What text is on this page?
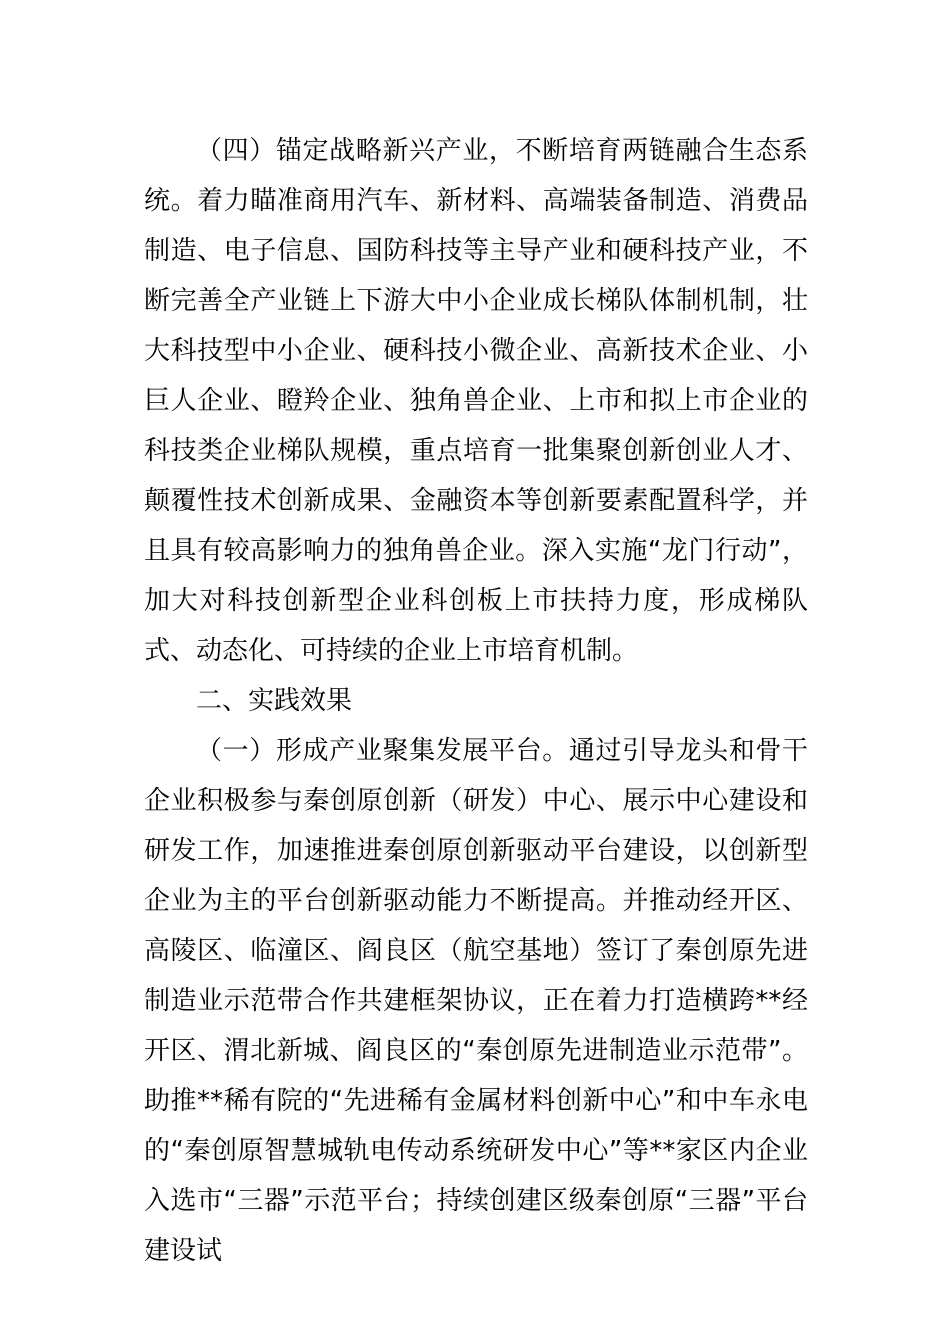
（四）锚定战略新兴产业，不断培育两链融合生态系统。着力瞄准商用汽车、新材料、高端装备制造、消费品制造、电子信息、国防科技等主导产业和硬科技产业，不断完善全产业链上下游大中小企业成长梯队体制机制，壮大科技型中小企业、硬科技小微企业、高新技术企业、小巨人企业、瞪羚企业、独角兽企业、上市和拟上市企业的科技类企业梯队规模，重点培育一批集聚创新创业人才、颠覆性技术创新成果、金融资本等创新要素配置科学，并且具有较高影响力的独角兽企业。深入实施“龙门行动”，加大对科技创新型企业科创板上市扶持力度，形成梯队式、动态化、可持续的企业上市培育机制。

二、实践效果

（一）形成产业聚集发展平台。通过引导龙头和骨干企业积极参与秦创原创新（研发）中心、展示中心建设和研发工作，加速推进秦创原创新驱动平台建设，以创新型企业为主的平台创新驱动能力不断提高。并推动经开区、高陵区、临潼区、阎良区（航空基地）签订了秦创原先进制造业示范带合作共建框架协议，正在着力打造横跨**经开区、渭北新城、阎良区的“秦创原先进制造业示范带”。助推**稀有院的“先进稀有金属材料创新中心”和中车永电的“秦创原智慧城轨电传动系统研发中心”等**家区内企业入选市“三器”示范平台；持续创建区级秦创原“三器”平台建设试
